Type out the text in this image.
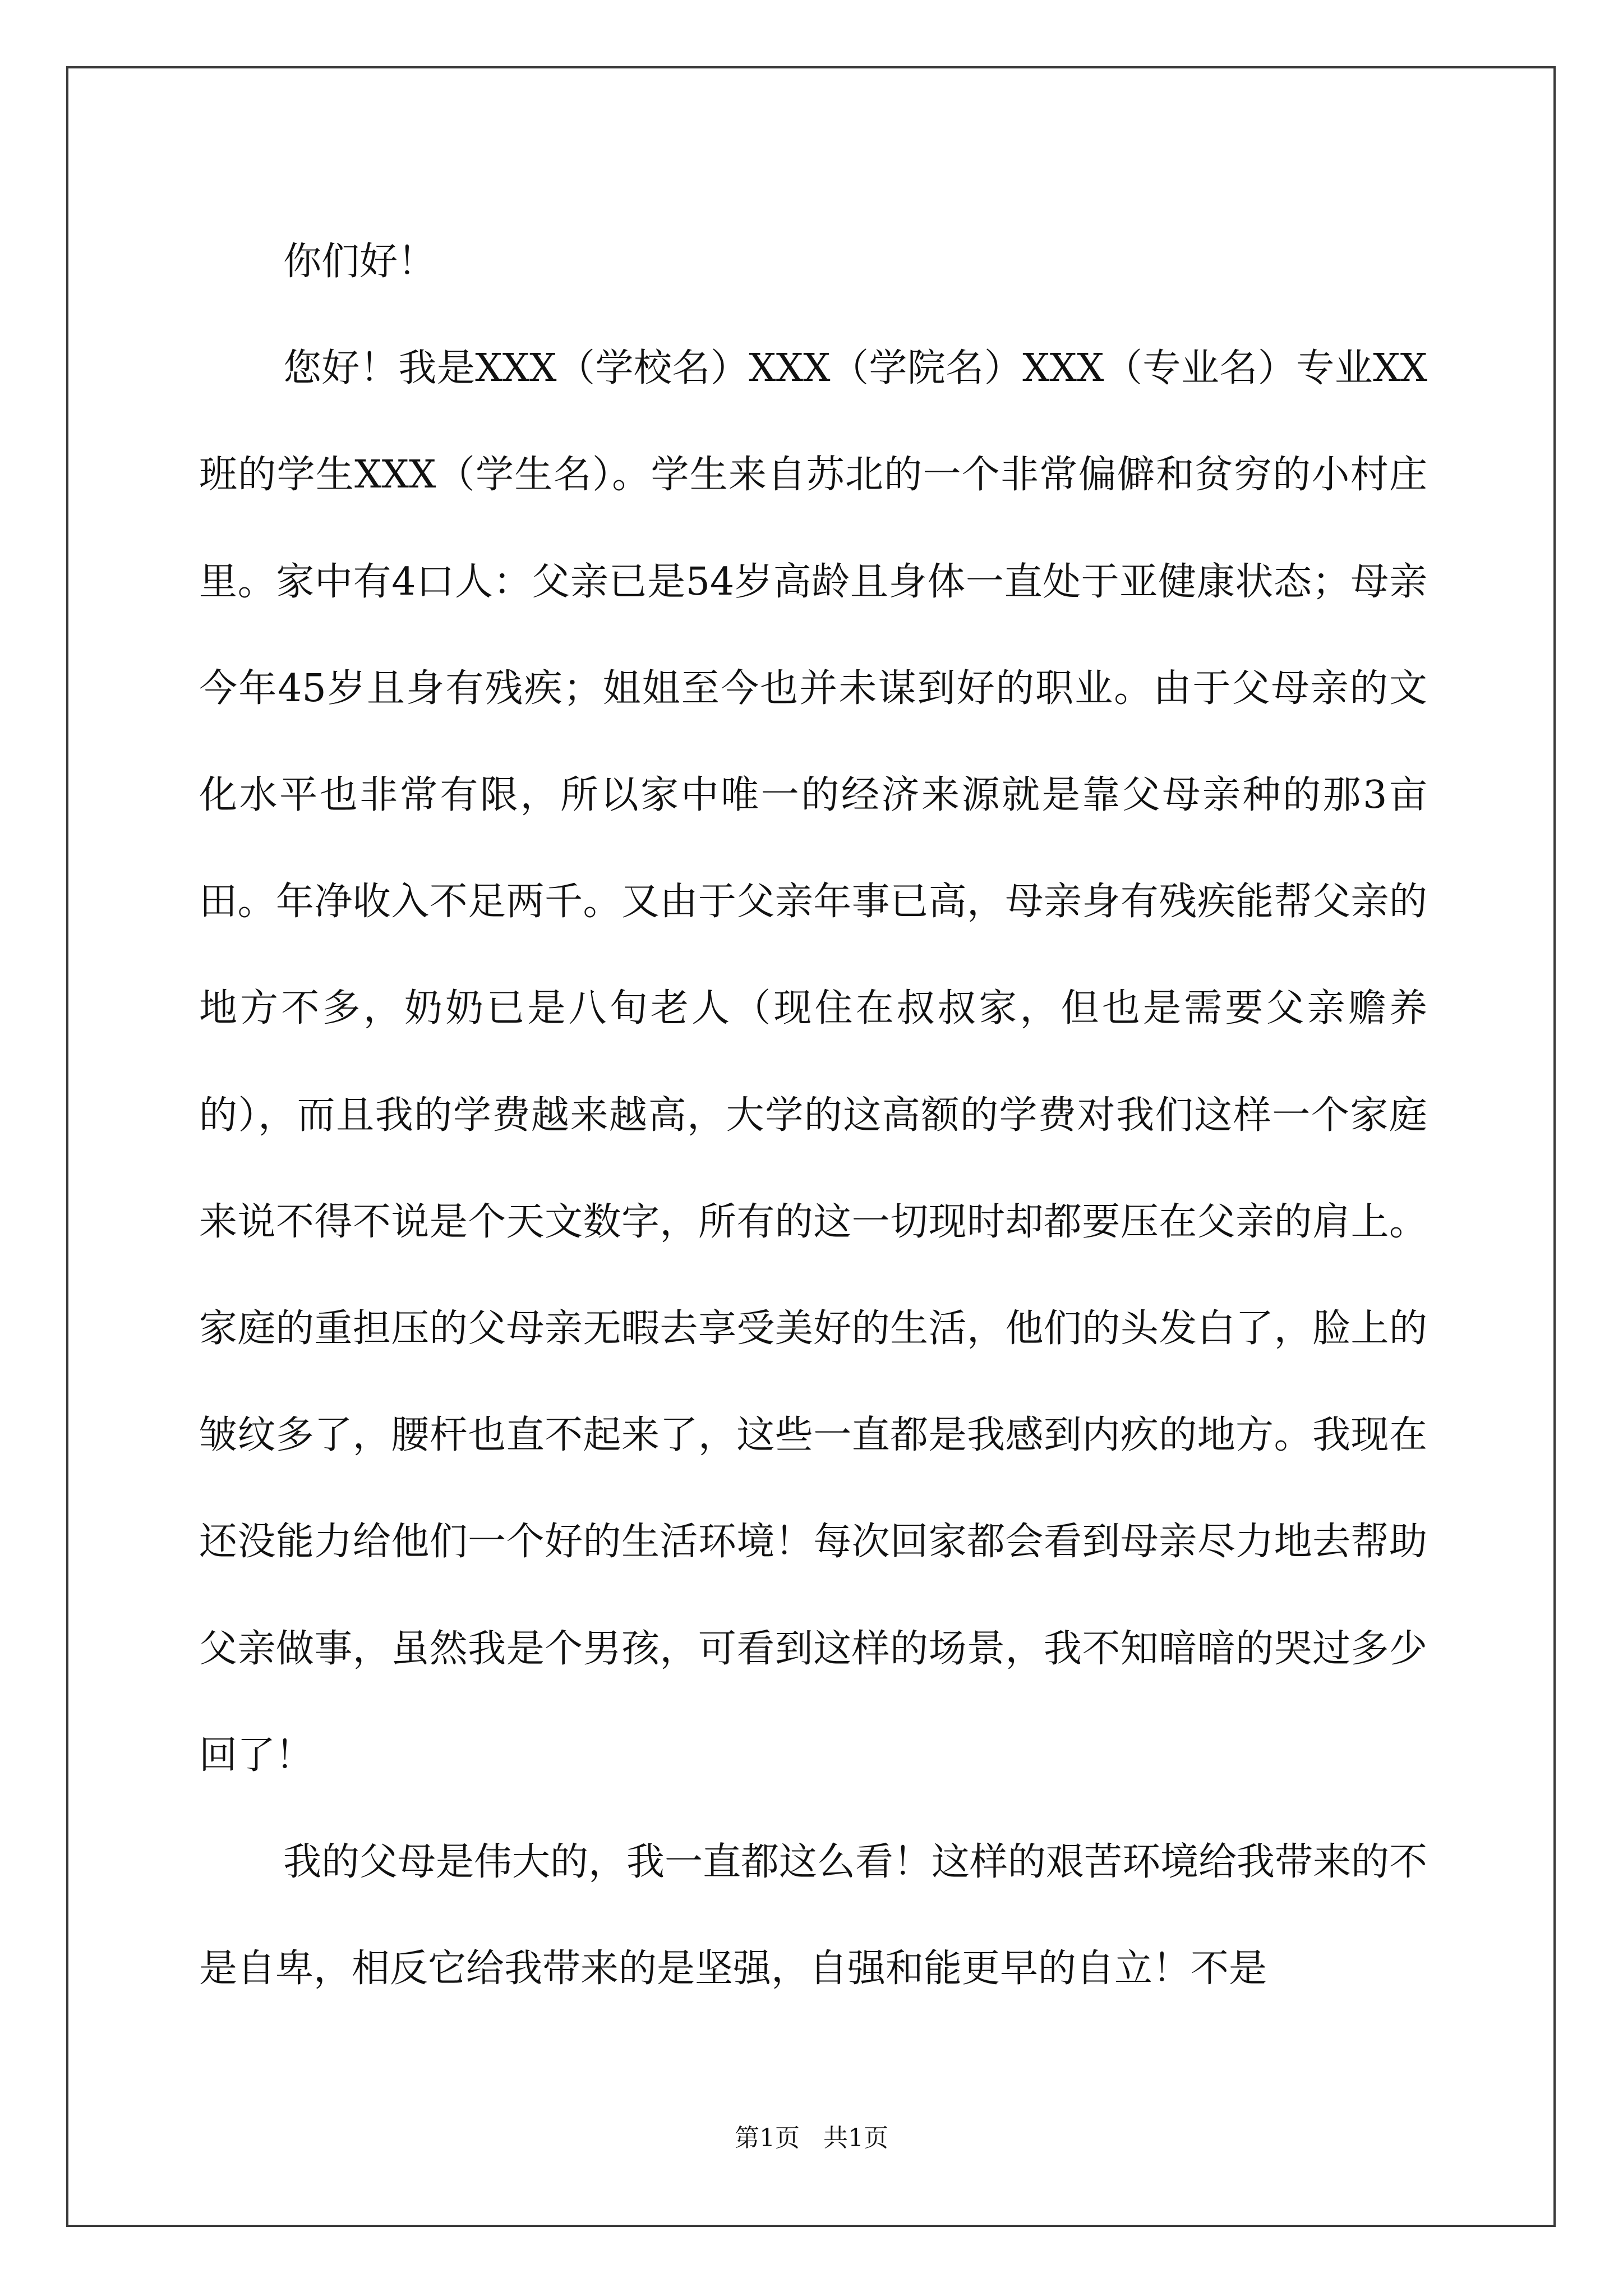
你们好！

您好！我是XXX（学校名）XXX（学院名）XXX（专业名）专业XX班的学生XXX（学生名）。学生来自苏北的一个非常偏僻和贫穷的小村庄里。家中有4口人：父亲已是54岁高龄且身体一直处于亚健康状态；母亲今年45岁且身有残疾；姐姐至今也并未谋到好的职业。由于父母亲的文化水平也非常有限，所以家中唯一的经济来源就是靠父母亲种的那3亩田。年净收入不足两千。又由于父亲年事已高，母亲身有残疾能帮父亲的地方不多，奶奶已是八旬老人（现住在叔叔家，但也是需要父亲赡养的），而且我的学费越来越高，大学的这高额的学费对我们这样一个家庭来说不得不说是个天文数字，所有的这一切现时却都要压在父亲的肩上。家庭的重担压的父母亲无暇去享受美好的生活，他们的头发白了，脸上的皱纹多了，腰杆也直不起来了，这些一直都是我感到内疚的地方。我现在还没能力给他们一个好的生活环境！每次回家都会看到母亲尽力地去帮助父亲做事，虽然我是个男孩，可看到这样的场景，我不知暗暗的哭过多少回了！

我的父母是伟大的，我一直都这么看！这样的艰苦环境给我带来的不是自卑，相反它给我带来的是坚强，自强和能更早的自立！不是

第1页   共1页
